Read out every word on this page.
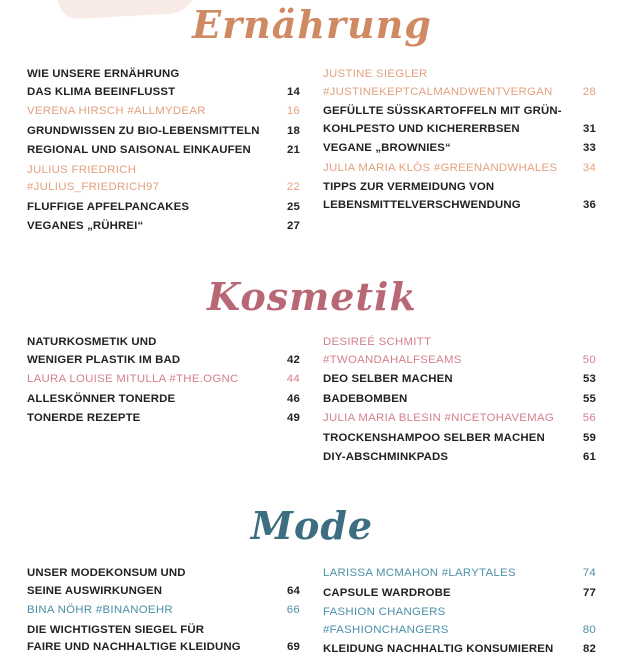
Ernährung
WIE UNSERE ERNÄHRUNG
DAS KLIMA BEEINFLUSST	14
VERENA HIRSCH #ALLMYDEAR	16
GRUNDWISSEN ZU BIO-LEBENSMITTELN	18
REGIONAL UND SAISONAL EINKAUFEN	21
JULIUS FRIEDRICH
#JULIUS_FRIEDRICH97	22
FLUFFIGE APFELPANCAKES	25
VEGANES „RÜHREI“	27
JUSTINE SIEGLER
#JUSTINEKEPTCALMANDWENTVERGAN	28
GEFÜLLTE SÜSSKARTOFFELN MIT GRÜN-
KOHLPESTO UND KICHERERBSEN	31
VEGANE „BROWNIES“	33
JULIA MARIA KLÖS #GREENANDWHALES	34
TIPPS ZUR VERMEIDUNG VON
LEBENSMITTELVERSCHWENDUNG	36
Kosmetik
NATURKOSMETIK UND
WENIGER PLASTIK IM BAD	42
LAURA LOUISE MITULLA #THE.OGNC	44
ALLESKÖNNER TONERDE	46
TONERDE REZEPTE	49
DESIREÉ SCHMITT
#TWOANDAHALFSEAMS	50
DEO SELBER MACHEN	53
BADEBOMBEN	55
JULIA MARIA BLESIN #NICETOHAVEMAG	56
TROCKENSHAMPOO SELBER MACHEN	59
DIY-ABSCHMINKPADS	61
Mode
UNSER MODEKONSUM UND
SEINE AUSWIRKUNGEN	64
BINA NÖHR #BINANOEHR	66
DIE WICHTIGSTEN SIEGEL FÜR
FAIRE UND NACHHALTIGE KLEIDUNG	69
LARISSA MCMAHON #LARYTALES	74
CAPSULE WARDROBE	77
FASHION CHANGERS #FASHIONCHANGERS	80
KLEIDUNG NACHHALTIG KONSUMIEREN	82
